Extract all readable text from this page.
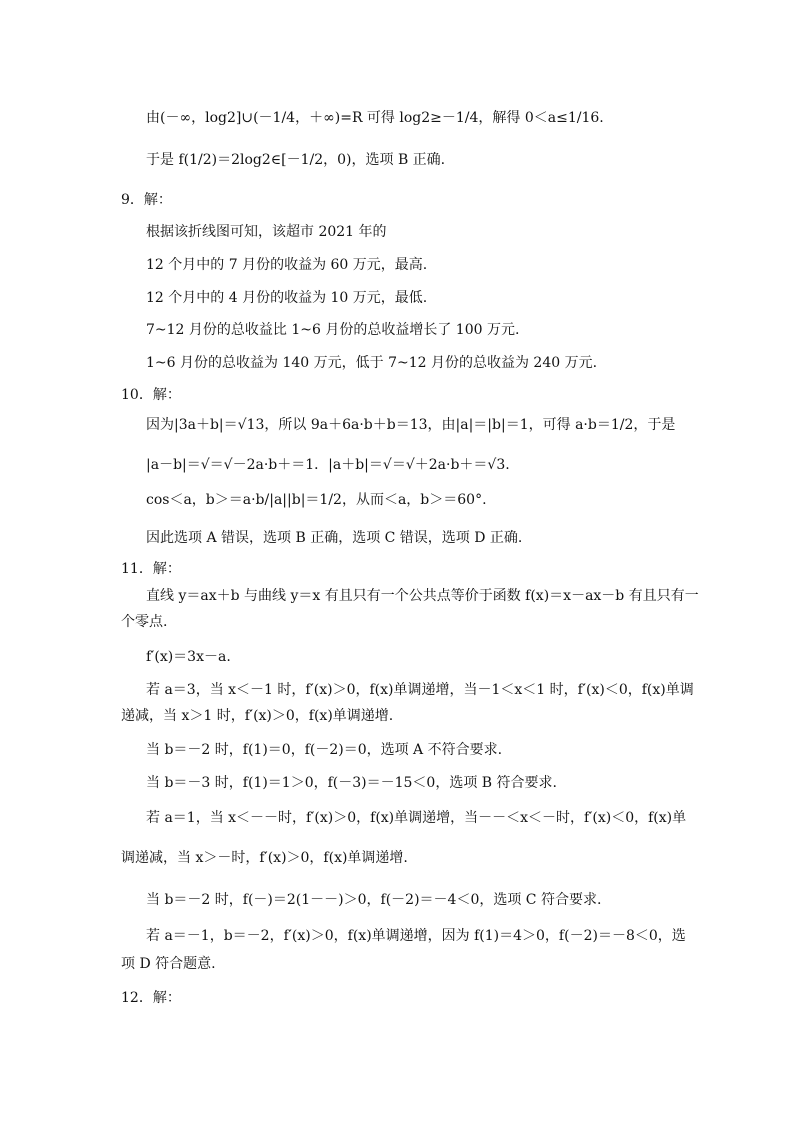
由(－∞，log2]∪(－1/4，＋∞)=R 可得 log2≥－1/4，解得 0＜a≤1/16.
于是 f(1/2)＝2log2∈[－1/2，0)，选项 B 正确.
9．解：
根据该折线图可知，该超市 2021 年的
12 个月中的 7 月份的收益为 60 万元，最高.
12 个月中的 4 月份的收益为 10 万元，最低.
7~12 月份的总收益比 1~6 月份的总收益增长了 100 万元.
1~6 月份的总收益为 140 万元，低于 7~12 月份的总收益为 240 万元.
10．解：
因为|3a＋b|＝√13，所以 9a＋6a·b＋b＝13，由|a|＝|b|＝1，可得 a·b＝1/2，于是
|a－b|＝√＝√－2a·b＋＝1．|a＋b|＝√＝√＋2a·b＋＝√3.
cos＜a，b＞＝a·b/|a||b|＝1/2，从而＜a，b＞＝60°.
因此选项 A 错误，选项 B 正确，选项 C 错误，选项 D 正确.
11．解：
直线 y＝ax＋b 与曲线 y＝x 有且只有一个公共点等价于函数 f(x)＝x－ax－b 有且只有一
个零点.
f′(x)＝3x－a.
若 a＝3，当 x＜－1 时，f′(x)＞0，f(x)单调递增，当－1＜x＜1 时，f′(x)＜0，f(x)单调
递减，当 x＞1 时，f′(x)＞0，f(x)单调递增.
当 b＝－2 时，f(1)＝0，f(－2)＝0，选项 A 不符合要求.
当 b＝－3 时，f(1)＝1＞0，f(－3)＝－15＜0，选项 B 符合要求.
若 a＝1，当 x＜－－时，f′(x)＞0，f(x)单调递增，当－－＜x＜－时，f′(x)＜0，f(x)单
调递减，当 x＞－时，f′(x)＞0，f(x)单调递增.
当 b＝－2 时，f(－)＝2(1－－)＞0，f(－2)＝－4＜0，选项 C 符合要求.
若 a＝－1，b＝－2，f′(x)＞0，f(x)单调递增，因为 f(1)＝4＞0，f(－2)＝－8＜0，选
项 D 符合题意.
12．解：
